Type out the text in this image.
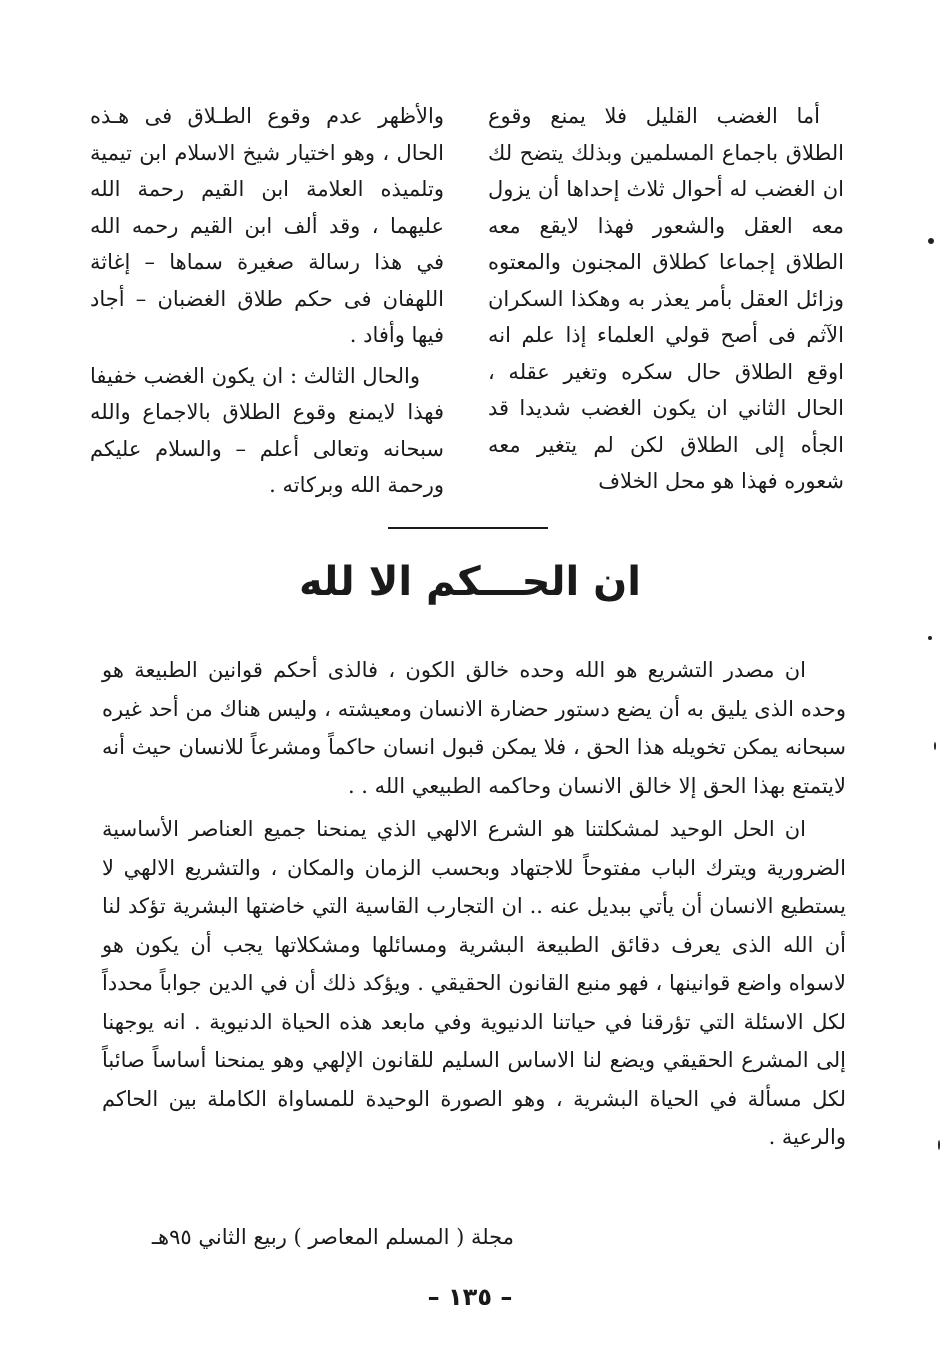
أما الغضب القليل فلا يمنع وقوع الطلاق باجماع المسلمين وبذلك يتضح لك ان الغضب له أحوال ثلاث إحداها أن يزول معه العقل والشعور فهذا لايقع معه الطلاق إجماعا كطلاق المجنون والمعتوه وزائل العقل بأمر يعذر به وهكذا السكران الآثم فى أصح قولي العلماء إذا علم انه اوقع الطلاق حال سكره وتغير عقله ، الحال الثاني ان يكون الغضب شديدا قد الجأه إلى الطلاق لكن لم يتغير معه شعوره فهذا هو محل الخلاف

والأظهر عدم وقوع الطـلاق فى هـذه الحال ، وهو اختيار شيخ الاسلام ابن تيمية وتلميذه العلامة ابن القيم رحمة الله عليهما ، وقد ألف ابن القيم رحمه الله في هذا رسالة صغيرة سماها – إغاثة اللهفان فى حكم طلاق الغضبان – أجاد فيها وأفاد .

والحال الثالث : ان يكون الغضب خفيفا فهذا لايمنع وقوع الطلاق بالاجماع والله سبحانه وتعالى أعلم – والسلام عليكم ورحمة الله وبركاته .

ان الحـــكم الا لله

ان مصدر التشريع هو الله وحده خالق الكون ، فالذى أحكم قوانين الطبيعة هو وحده الذى يليق به أن يضع دستور حضارة الانسان ومعيشته ، وليس هناك من أحد غيره سبحانه يمكن تخويله هذا الحق ، فلا يمكن قبول انسان حاكماً ومشرعاً للانسان حيث أنه لايتمتع بهذا الحق إلا خالق الانسان وحاكمه الطبيعي الله . .

ان الحل الوحيد لمشكلتنا هو الشرع الالهي الذي يمنحنا جميع العناصر الأساسية الضرورية ويترك الباب مفتوحاً للاجتهاد وبحسب الزمان والمكان ، والتشريع الالهي لا يستطيع الانسان أن يأتي ببديل عنه .. ان التجارب القاسية التي خاضتها البشرية تؤكد لنا أن الله الذى يعرف دقائق الطبيعة البشرية ومسائلها ومشكلاتها يجب أن يكون هو لاسواه واضع قوانينها ، فهو منبع القانون الحقيقي . ويؤكد ذلك أن في الدين جواباً محدداً لكل الاسئلة التي تؤرقنا في حياتنا الدنيوية وفي مابعد هذه الحياة الدنيوية . انه يوجهنا إلى المشرع الحقيقي ويضع لنا الاساس السليم للقانون الإلهي وهو يمنحنا أساساً صائباً لكل مسألة في الحياة البشرية ، وهو الصورة الوحيدة للمساواة الكاملة بين الحاكم والرعية .

مجلة ( المسلم المعاصر ) ربيع الثاني ٩٥هـ
– ١٣٥ –
